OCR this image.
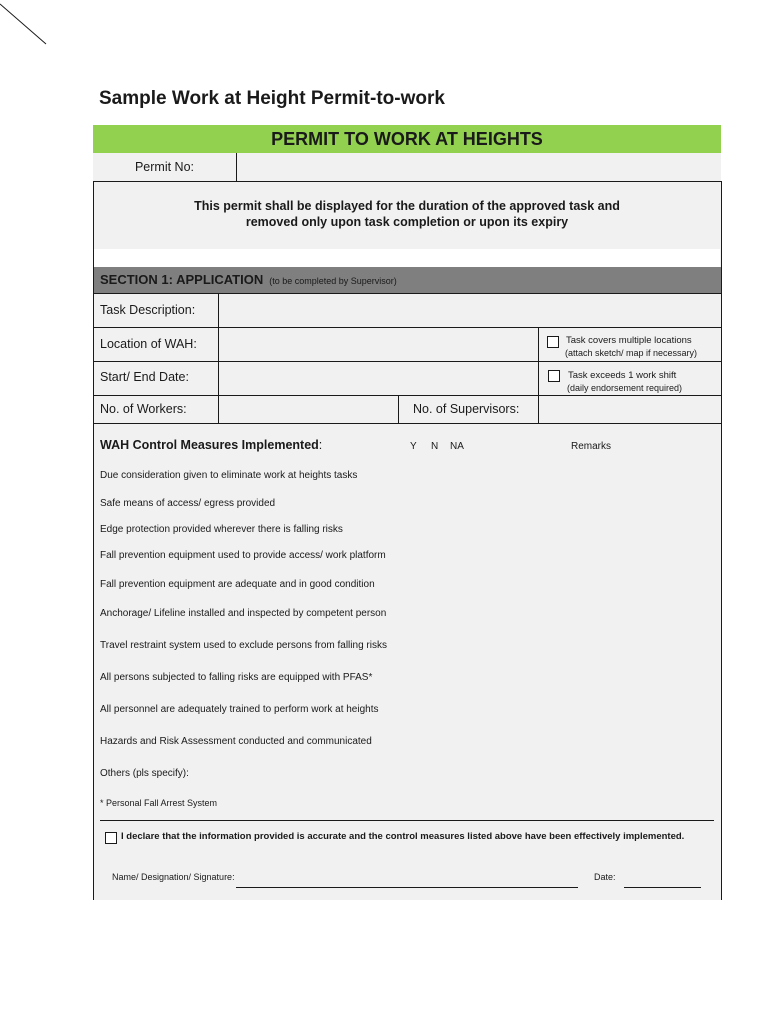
Sample Work at Height Permit-to-work
PERMIT TO WORK AT HEIGHTS
Permit No:
This permit shall be displayed for the duration of the approved task and
removed only upon task completion or upon its expiry
SECTION 1: APPLICATION (to be completed by Supervisor)
Task Description:
Location of WAH:
Start/ End Date:
No. of Workers:	No. of Supervisors:
Task covers multiple locations
(attach sketch/ map if necessary)
Task exceeds 1 work shift
(daily endorsement required)
WAH Control Measures Implemented:	Y N NA	Remarks
Due consideration given to eliminate work at heights tasks
Safe means of access/ egress provided
Edge protection provided wherever there is falling risks
Fall prevention equipment used to provide access/ work platform
Fall prevention equipment are adequate and in good condition
Anchorage/ Lifeline installed and inspected by competent person
Travel restraint system used to exclude persons from falling risks
All persons subjected to falling risks are equipped with PFAS*
All personnel are adequately trained to perform work at heights
Hazards and Risk Assessment conducted and communicated
Others (pls specify):
* Personal Fall Arrest System
I declare that the information provided is accurate and the control measures listed above have been effectively implemented.
Name/ Designation/ Signature:	Date:
